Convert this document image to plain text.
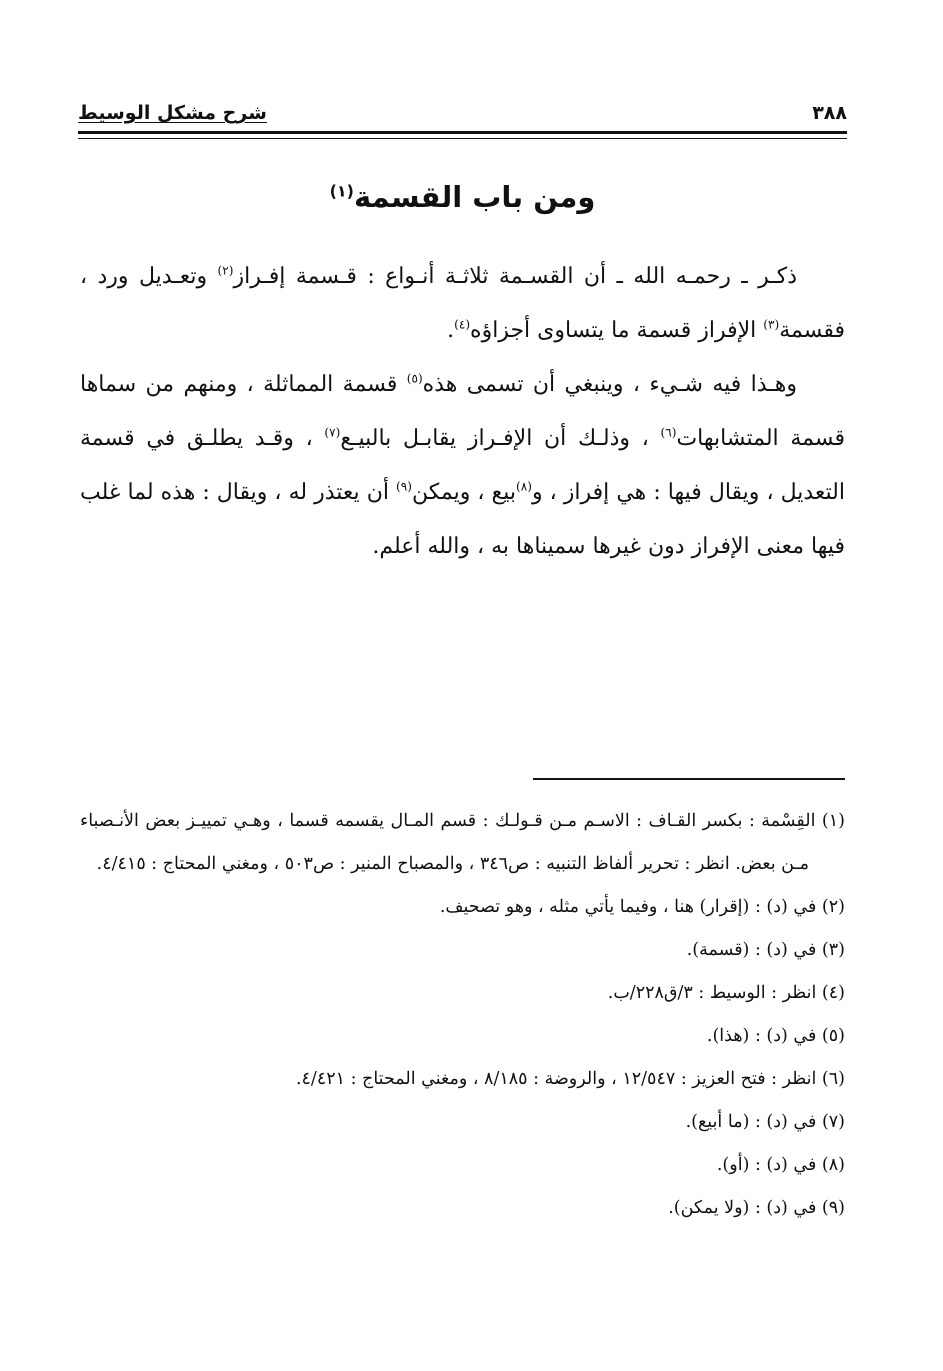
٣٨٨
شرح مشكل الوسيط
ومن باب القسمة$^{(١)}$

ذكـر ـ رحمـه الله ـ أن القسـمة ثلاثـة أنـواع : قـسمة إفـراز$^{(٢)}$ وتعـديل ورد ، فقسمة$^{(٣)}$ الإفراز قسمة ما يتساوى أجزاؤه$^{(٤)}$.

وهـذا فيه شـيء ، وينبغي أن تسمى هذه$^{(٥)}$ قسمة المماثلة ، ومنهم من سماها قسمة المتشابهات$^{(٦)}$ ، وذلـك أن الإفـراز يقابـل بالبيـع$^{(٧)}$ ، وقـد يطلـق في قسمة التعديل ، ويقال فيها : هي إفراز ، و$^{(٨)}$بيع ، ويمكن$^{(٩)}$ أن يعتذر له ، ويقال : هذه لما غلب فيها معنى الإفراز دون غيرها سميناها به ، والله أعلم.

(١) القِسْمة : بكسر القـاف : الاسـم مـن قـولـك : قسم المـال يقسمه قسما ، وهـي تمييـز بعض الأنـصباء مـن بعض. انظر : تحرير ألفاظ التنبيه : ص٣٤٦ ، والمصباح المنير : ص٥٠٣ ، ومغني المحتاج : ٤/٤١٥.

(٢) في (د) : (إقرار) هنا ، وفيما يأتي مثله ، وهو تصحيف.

(٣) في (د) : (قسمة).

(٤) انظر : الوسيط : ٣/ق٢٢٨/ب.

(٥) في (د) : (هذا).

(٦) انظر : فتح العزيز : ١٢/٥٤٧ ، والروضة : ٨/١٨٥ ، ومغني المحتاج : ٤/٤٢١.

(٧) في (د) : (ما أبيع).

(٨) في (د) : (أو).

(٩) في (د) : (ولا يمكن).
